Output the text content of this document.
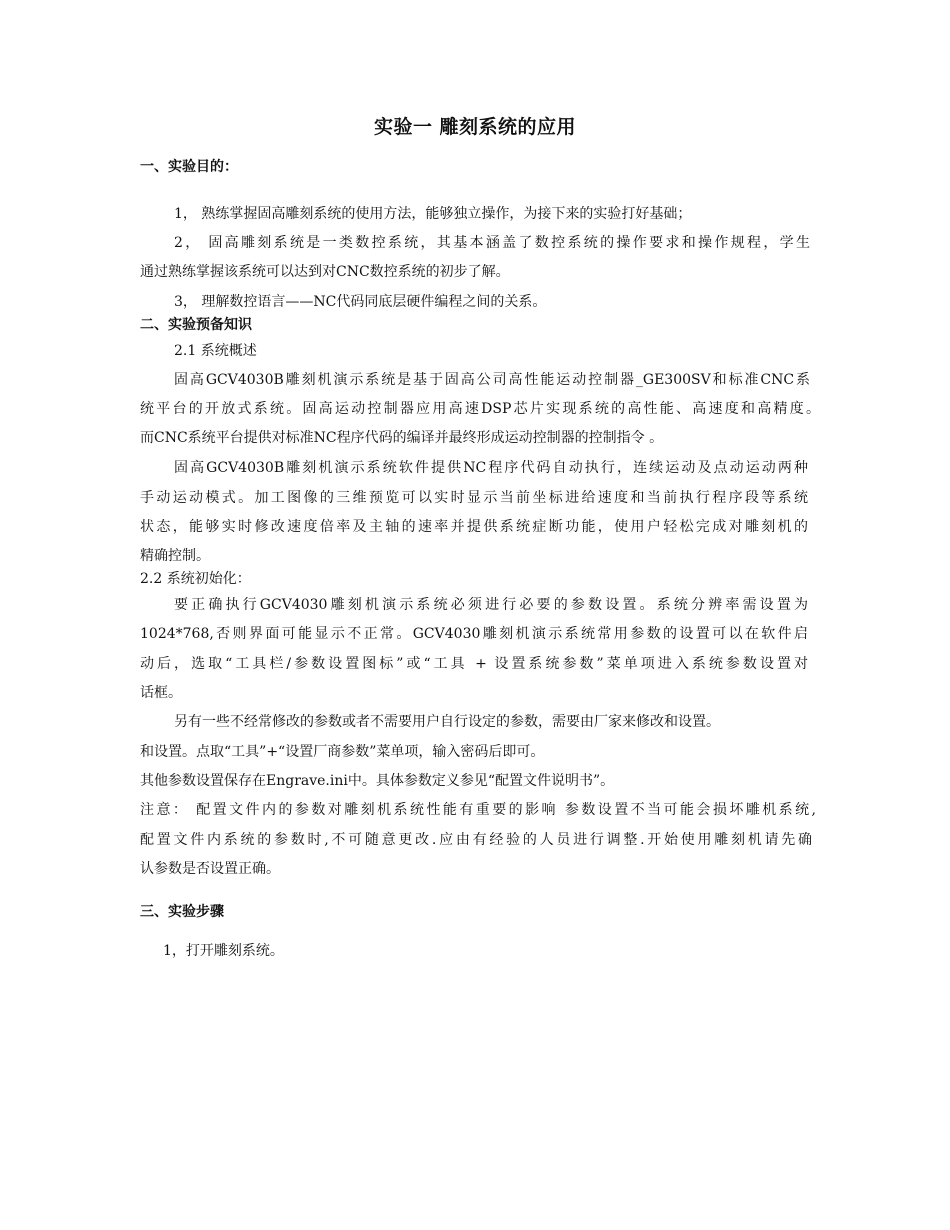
实验一 雕刻系统的应用
一、实验目的：
1， 熟练掌握固高雕刻系统的使用方法，能够独立操作，为接下来的实验打好基础；
2， 固高雕刻系统是一类数控系统，其基本涵盖了数控系统的操作要求和操作规程，学生
通过熟练掌握该系统可以达到对CNC数控系统的初步了解。
3， 理解数控语言——NC代码同底层硬件编程之间的关系。
二、实验预备知识
2.1 系统概述
固高GCV4030B雕刻机演示系统是基于固高公司高性能运动控制器_GE300SV和标准CNC系
统平台的开放式系统。固高运动控制器应用高速DSP芯片实现系统的高性能、高速度和高精度。
而CNC系统平台提供对标准NC程序代码的编译并最终形成运动控制器的控制指令 。
固高GCV4030B雕刻机演示系统软件提供NC程序代码自动执行，连续运动及点动运动两种
手动运动模式。加工图像的三维预览可以实时显示当前坐标进给速度和当前执行程序段等系统
状态，能够实时修改速度倍率及主轴的速率并提供系统症断功能，使用户轻松完成对雕刻机的
精确控制。
2.2 系统初始化：
要正确执行GCV4030雕刻机演示系统必须进行必要的参数设置。系统分辨率需设置为
1024*768,否则界面可能显示不正常。GCV4030雕刻机演示系统常用参数的设置可以在软件启
动后，选取“工具栏/参数设置图标”或“工具 + 设置系统参数”菜单项进入系统参数设置对
话框。
另有一些不经常修改的参数或者不需要用户自行设定的参数，需要由厂家来修改和设置。
和设置。点取“工具”+“设置厂商参数”菜单项，输入密码后即可。
其他参数设置保存在Engrave.ini中。具体参数定义参见“配置文件说明书”。
注意： 配置文件内的参数对雕刻机系统性能有重要的影响 参数设置不当可能会损坏雕机系统,
配置文件内系统的参数时,不可随意更改.应由有经验的人员进行调整.开始使用雕刻机请先确
认参数是否设置正确。
三、实验步骤
1，打开雕刻系统。
